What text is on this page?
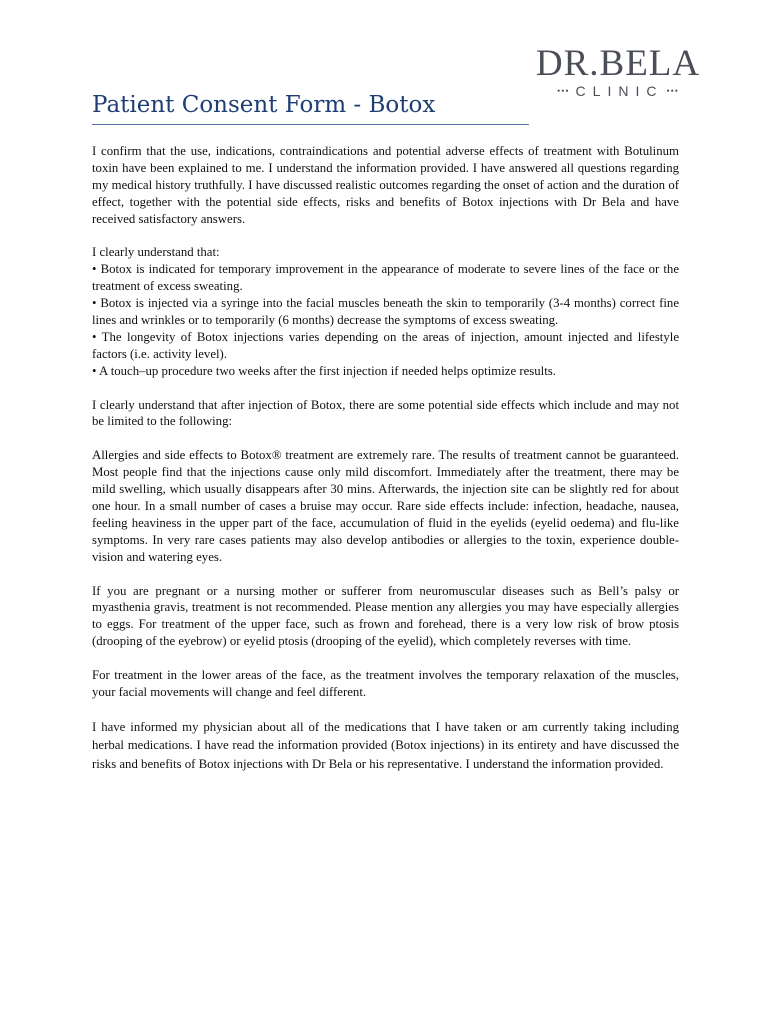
DR.BELA
••• CLINIC •••
Patient Consent Form - Botox

I confirm that the use, indications, contraindications and potential adverse effects of treatment with Botulinum toxin have been explained to me. I understand the information provided. I have answered all questions regarding my medical history truthfully. I have discussed realistic outcomes regarding the onset of action and the duration of effect, together with the potential side effects, risks and benefits of Botox injections with Dr Bela and have received satisfactory answers.

I clearly understand that:

• Botox is indicated for temporary improvement in the appearance of moderate to severe lines of the face or the treatment of excess sweating.

• Botox is injected via a syringe into the facial muscles beneath the skin to temporarily (3-4 months) correct fine lines and wrinkles or to temporarily (6 months) decrease the symptoms of excess sweating.

• The longevity of Botox injections varies depending on the areas of injection, amount injected and lifestyle factors (i.e. activity level).

• A touch–up procedure two weeks after the first injection if needed helps optimize results.

I clearly understand that after injection of Botox, there are some potential side effects which include and may not be limited to the following:

Allergies and side effects to Botox® treatment are extremely rare. The results of treatment cannot be guaranteed. Most people find that the injections cause only mild discomfort. Immediately after the treatment, there may be mild swelling, which usually disappears after 30 mins. Afterwards, the injection site can be slightly red for about one hour. In a small number of cases a bruise may occur. Rare side effects include: infection, headache, nausea, feeling heaviness in the upper part of the face, accumulation of fluid in the eyelids (eyelid oedema) and flu-like symptoms. In very rare cases patients may also develop antibodies or allergies to the toxin, experience double-vision and watering eyes.

If you are pregnant or a nursing mother or sufferer from neuromuscular diseases such as Bell’s palsy or myasthenia gravis, treatment is not recommended. Please mention any allergies you may have especially allergies to eggs. For treatment of the upper face, such as frown and forehead, there is a very low risk of brow ptosis (drooping of the eyebrow) or eyelid ptosis (drooping of the eyelid), which completely reverses with time.

For treatment in the lower areas of the face, as the treatment involves the temporary relaxation of the muscles, your facial movements will change and feel different.

I have informed my physician about all of the medications that I have taken or am currently taking including herbal medications. I have read the information provided (Botox injections) in its entirety and have discussed the risks and benefits of Botox injections with Dr Bela or his representative. I understand the information provided.
